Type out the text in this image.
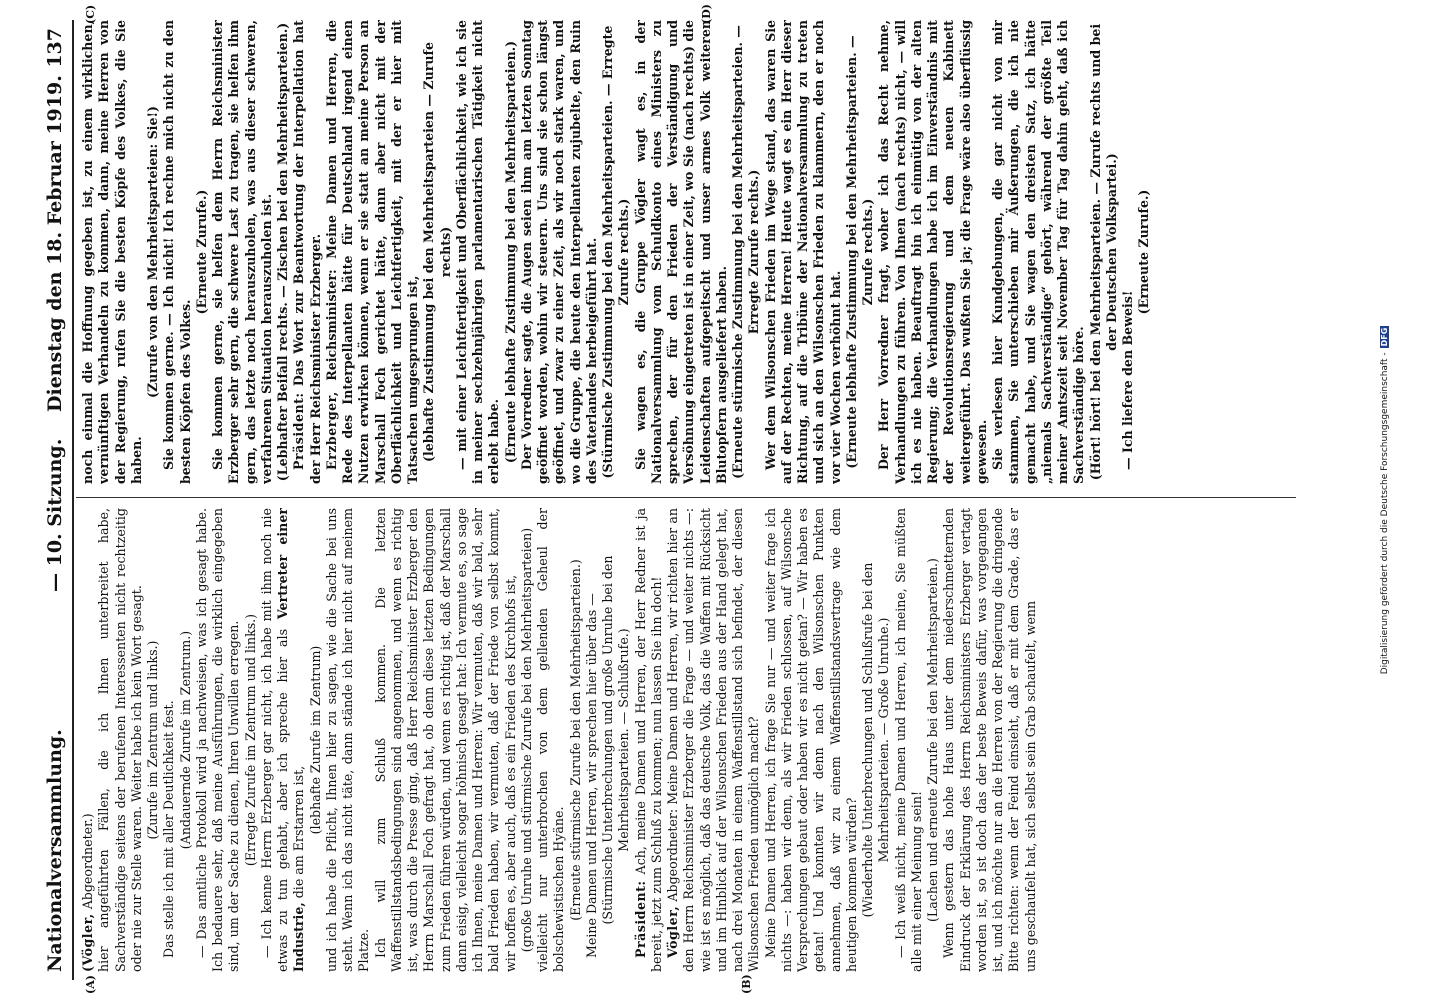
Nationalversammlung.
— 10. Sitzung.
Dienstag den 18. Februar 1919.
137
(A)	(B)
(C)	(D)

(Vögler, Abgeordneter.) hier angeführten Fällen, die ich Ihnen unterbreitet habe, Sachverständige seitens der berufenen Interessenten nicht rechtzeitig oder nie zur Stelle waren. Weiter habe ich kein Wort gesagt. (Zurufe im Zentrum und links.) Das stelle ich mit aller Deutlichkeit fest. (Andauernde Zurufe im Zentrum.) — Das amtliche Protokoll wird ja nachweisen, was ich gesagt habe. Ich bedauere sehr, daß meine Ausführungen, die wirklich eingegeben sind, um der Sache zu dienen, Ihren Unwillen erregen. (Erregte Zurufe im Zentrum und links.) — Ich kenne Herrn Erzberger gar nicht, ich habe mit ihm noch nie etwas zu tun gehabt, aber ich spreche hier als Vertreter einer Industrie, die am Erstarren ist, (lebhafte Zurufe im Zentrum) und ich habe die Pflicht, Ihnen hier zu sagen, wie die Sache bei uns steht. Wenn ich das nicht täte, dann stände ich hier nicht auf meinem Platze. Ich will zum Schluß kommen. Die letzten Waffenstillstandsbedingungen sind angenommen, und wenn es richtig ist, was durch die Presse ging, daß Herr Reichsminister Erzberger den Herrn Marschall Foch gefragt hat, ob denn diese letzten Bedingungen zum Frieden führen würden, und wenn es richtig ist, daß der Marschall dann eisig, vielleicht sogar höhnisch gesagt hat: Ich vermute es, so sage ich Ihnen, meine Damen und Herren: Wir vermuten, daß wir bald, sehr bald Frieden haben, wir vermuten, daß der Friede von selbst kommt, wir hoffen es, aber auch, daß es ein Frieden des Kirchhofs ist, (große Unruhe und stürmische Zurufe bei den Mehrheitsparteien) vielleicht nur unterbrochen von dem gellenden Geheul der bolschewistischen Hyäne. (Erneute stürmische Zurufe bei den Mehrheitsparteien.) Meine Damen und Herren, wir sprechen hier über das — (Stürmische Unterbrechungen und große Unruhe bei den Mehrheitsparteien. — Schlußrufe.)

Präsident: Ach, meine Damen und Herren, der Herr Redner ist ja bereit, jetzt zum Schluß zu kommen; nun lassen Sie ihn doch! Vögler, Abgeordneter: Meine Damen und Herren, wir richten hier an den Herrn Reichsminister Erzberger die Frage — und weiter nichts —: wie ist es möglich, daß das deutsche Volk, das die Waffen mit Rücksicht und im Hinblick auf der Wilsonschen Frieden aus der Hand gelegt hat, nach drei Monaten in einem Waffenstillstand sich befindet, der diesen Wilsonschen Frieden unmöglich macht? Meine Damen und Herren, ich frage Sie nur — und weiter frage ich nichts —: haben wir denn, als wir Frieden schlossen, auf Wilsonsche Versprechungen gebaut oder haben wir es nicht getan? — Wir haben es getan! Und konnten wir denn nach den Wilsonschen Punkten annehmen, daß wir zu einem Waffenstillstandsvertrage wie dem heutigen kommen würden? (Wiederholte Unterbrechungen und Schlußrufe bei den Mehrheitsparteien. — Große Unruhe.) — Ich weiß nicht, meine Damen und Herren, ich meine, Sie müßten alle mit einer Meinung sein! (Lachen und erneute Zurufe bei den Mehrheitsparteien.) Wenn gestern das hohe Haus unter dem niederschmetternden Eindruck der Erklärung des Herrn Reichsministers Erzberger vertagt worden ist, so ist doch das der beste Beweis dafür, was vorgegangen ist, und ich möchte nur an die Herren von der Regierung die dringende Bitte richten: wenn der Feind einsieht, daß er mit dem Grade, das er uns geschaufelt hat, sich selbst sein Grab schaufelt, wenn

noch einmal die Hoffnung gegeben ist, zu einem wirklichen, vernünftigen Verhandeln zu kommen, dann, meine Herren von der Regierung, rufen Sie die besten Köpfe des Volkes, die Sie haben.

(Zurufe von den Mehrheitsparteien: Sie!) Sie kommen gerne. — Ich nicht! Ich rechne mich nicht zu den besten Köpfen des Volkes.

(Erneute Zurufe.) Sie kommen gerne, sie helfen dem Herrn Reichsminister Erzberger sehr gern, die schwere Last zu tragen, sie helfen ihm gern, das letzte noch herauszuholen, was aus dieser schweren, verfahrenen Situation herauszuholen ist. (Lebhafter Beifall rechts. — Zischen bei den Mehrheitsparteien.) Präsident: Das Wort zur Beantwortung der Interpellation hat der Herr Reichsminister Erzberger. Erzberger, Reichsminister: Meine Damen und Herren, die Rede des Interpellanten hätte für Deutschland irgend einen Nutzen erwirken können, wenn er sie statt an meine Person an Marschall Foch gerichtet hätte, dann aber nicht mit der Oberflächlichkeit und Leichtfertigkeit, mit der er hier mit Tatsachen umgesprungen ist, (lebhafte Zustimmung bei den Mehrheitsparteien — Zurufe rechts) — mit einer Leichtfertigkeit und Oberflächlichkeit, wie ich sie in meiner sechzehnjährigen parlamentarischen Tätigkeit nicht erlebt habe. (Erneute lebhafte Zustimmung bei den Mehrheitsparteien.) Der Vorredner sagte, die Augen seien ihm am letzten Sonntag geöffnet worden, wohin wir steuern. Uns sind sie schon längst geöffnet, und zwar zu einer Zeit, als wir noch stark waren, und wo die Gruppe, die heute den Interpellanten zujubelte, den Ruin des Vaterlandes herbeigeführt hat. (Stürmische Zustimmung bei den Mehrheitsparteien. — Erregte Zurufe rechts.) Sie wagen es, die Gruppe Vögler wagt es, in der Nationalversammlung vom Schuldkonto eines Ministers zu sprechen, der für den Frieden der Verständigung und Versöhnung eingetreten ist in einer Zeit, wo Sie (nach rechts) die Leidenschaften aufgepeitscht und unser armes Volk weiteren Blutopfern ausgeliefert haben. (Erneute stürmische Zustimmung bei den Mehrheitsparteien. — Erregte Zurufe rechts.) Wer dem Wilsonschen Frieden im Wege stand, das waren Sie auf der Rechten, meine Herren! Heute wagt es ein Herr dieser Richtung, auf die Tribüne der Nationalversammlung zu treten und sich an den Wilsonschen Frieden zu klammern, den er noch vor vier Wochen verhöhnt hat. (Erneute lebhafte Zustimmung bei den Mehrheitsparteien. — Zurufe rechts.) Der Herr Vorredner fragt, woher ich das Recht nehme, Verhandlungen zu führen. Von Ihnen (nach rechts) nicht, — will ich es nie haben. Beauftragt bin ich einmütig von der alten Regierung; die Verhandlungen habe ich im Einverständnis mit der Revolutionsregierung und dem neuen Kabinett weitergeführt. Das wußten Sie ja; die Frage wäre also überflüssig gewesen. Sie verlesen hier Kundgebungen, die gar nicht von mir stammen, Sie unterschieben mir Äußerungen, die ich nie gemacht habe, und Sie wagen den dreisten Satz, ich hätte „niemals Sachverständige“ gehört, während der größte Teil meiner Amtszeit seit November Tag für Tag dahin geht, daß ich Sachverständige höre. (Hört! hört! bei den Mehrheitsparteien. — Zurufe rechts und bei der Deutschen Volkspartei.)

— Ich liefere den Beweis!

(Erneute Zurufe.)

Digitalisierung gefördert durch die Deutsche Forschungsgemeinschaft -DFG
